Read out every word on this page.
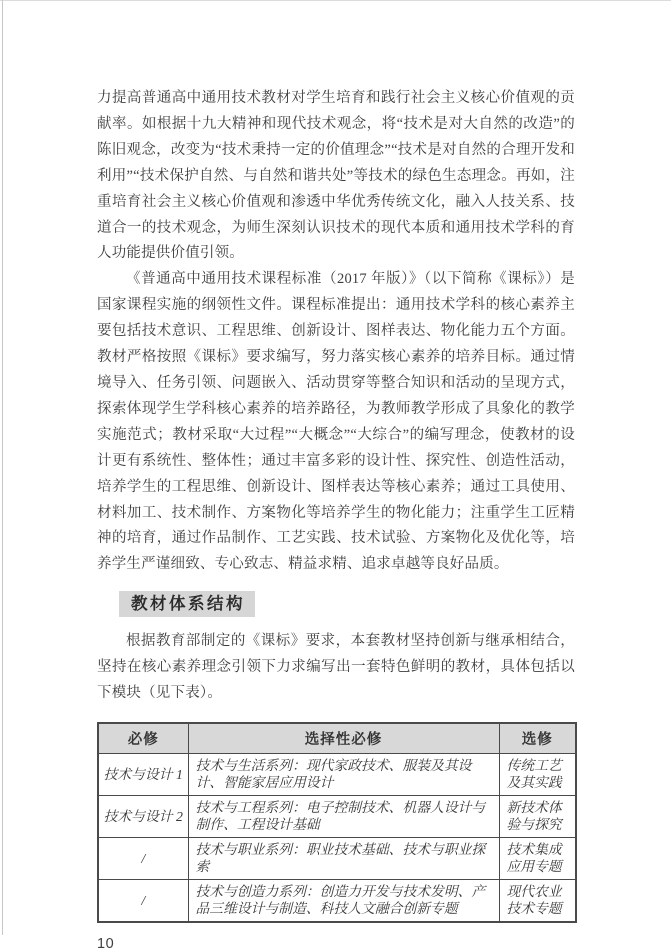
力提高普通高中通用技术教材对学生培育和践行社会主义核心价值观的贡献率。如根据十九大精神和现代技术观念，将“技术是对大自然的改造”的陈旧观念，改变为“技术秉持一定的价值理念”“技术是对自然的合理开发和利用”“技术保护自然、与自然和谐共处”等技术的绿色生态理念。再如，注重培育社会主义核心价值观和渗透中华优秀传统文化，融入人技关系、技道合一的技术观念，为师生深刻认识技术的现代本质和通用技术学科的育人功能提供价值引领。

《普通高中通用技术课程标准（2017 年版）》（以下简称《课标》）是国家课程实施的纲领性文件。课程标准提出：通用技术学科的核心素养主要包括技术意识、工程思维、创新设计、图样表达、物化能力五个方面。教材严格按照《课标》要求编写，努力落实核心素养的培养目标。通过情境导入、任务引领、问题嵌入、活动贯穿等整合知识和活动的呈现方式，探索体现学生学科核心素养的培养路径，为教师教学形成了具象化的教学实施范式；教材采取“大过程”“大概念”“大综合”的编写理念，使教材的设计更有系统性、整体性；通过丰富多彩的设计性、探究性、创造性活动，培养学生的工程思维、创新设计、图样表达等核心素养；通过工具使用、材料加工、技术制作、方案物化等培养学生的物化能力；注重学生工匠精神的培育，通过作品制作、工艺实践、技术试验、方案物化及优化等，培养学生严谨细致、专心致志、精益求精、追求卓越等良好品质。

教材体系结构

根据教育部制定的《课标》要求，本套教材坚持创新与继承相结合，坚持在核心素养理念引领下力求编写出一套特色鲜明的教材，具体包括以下模块（见下表）。

必修	选择性必修	选修
技术与设计 1	技术与生活系列：现代家政技术、服装及其设计、智能家居应用设计	传统工艺及其实践
技术与设计 2	技术与工程系列：电子控制技术、机器人设计与制作、工程设计基础	新技术体验与探究
/	技术与职业系列：职业技术基础、技术与职业探索	技术集成应用专题
/	技术与创造力系列：创造力开发与技术发明、产品三维设计与制造、科技人文融合创新专题	现代农业技术专题
10
